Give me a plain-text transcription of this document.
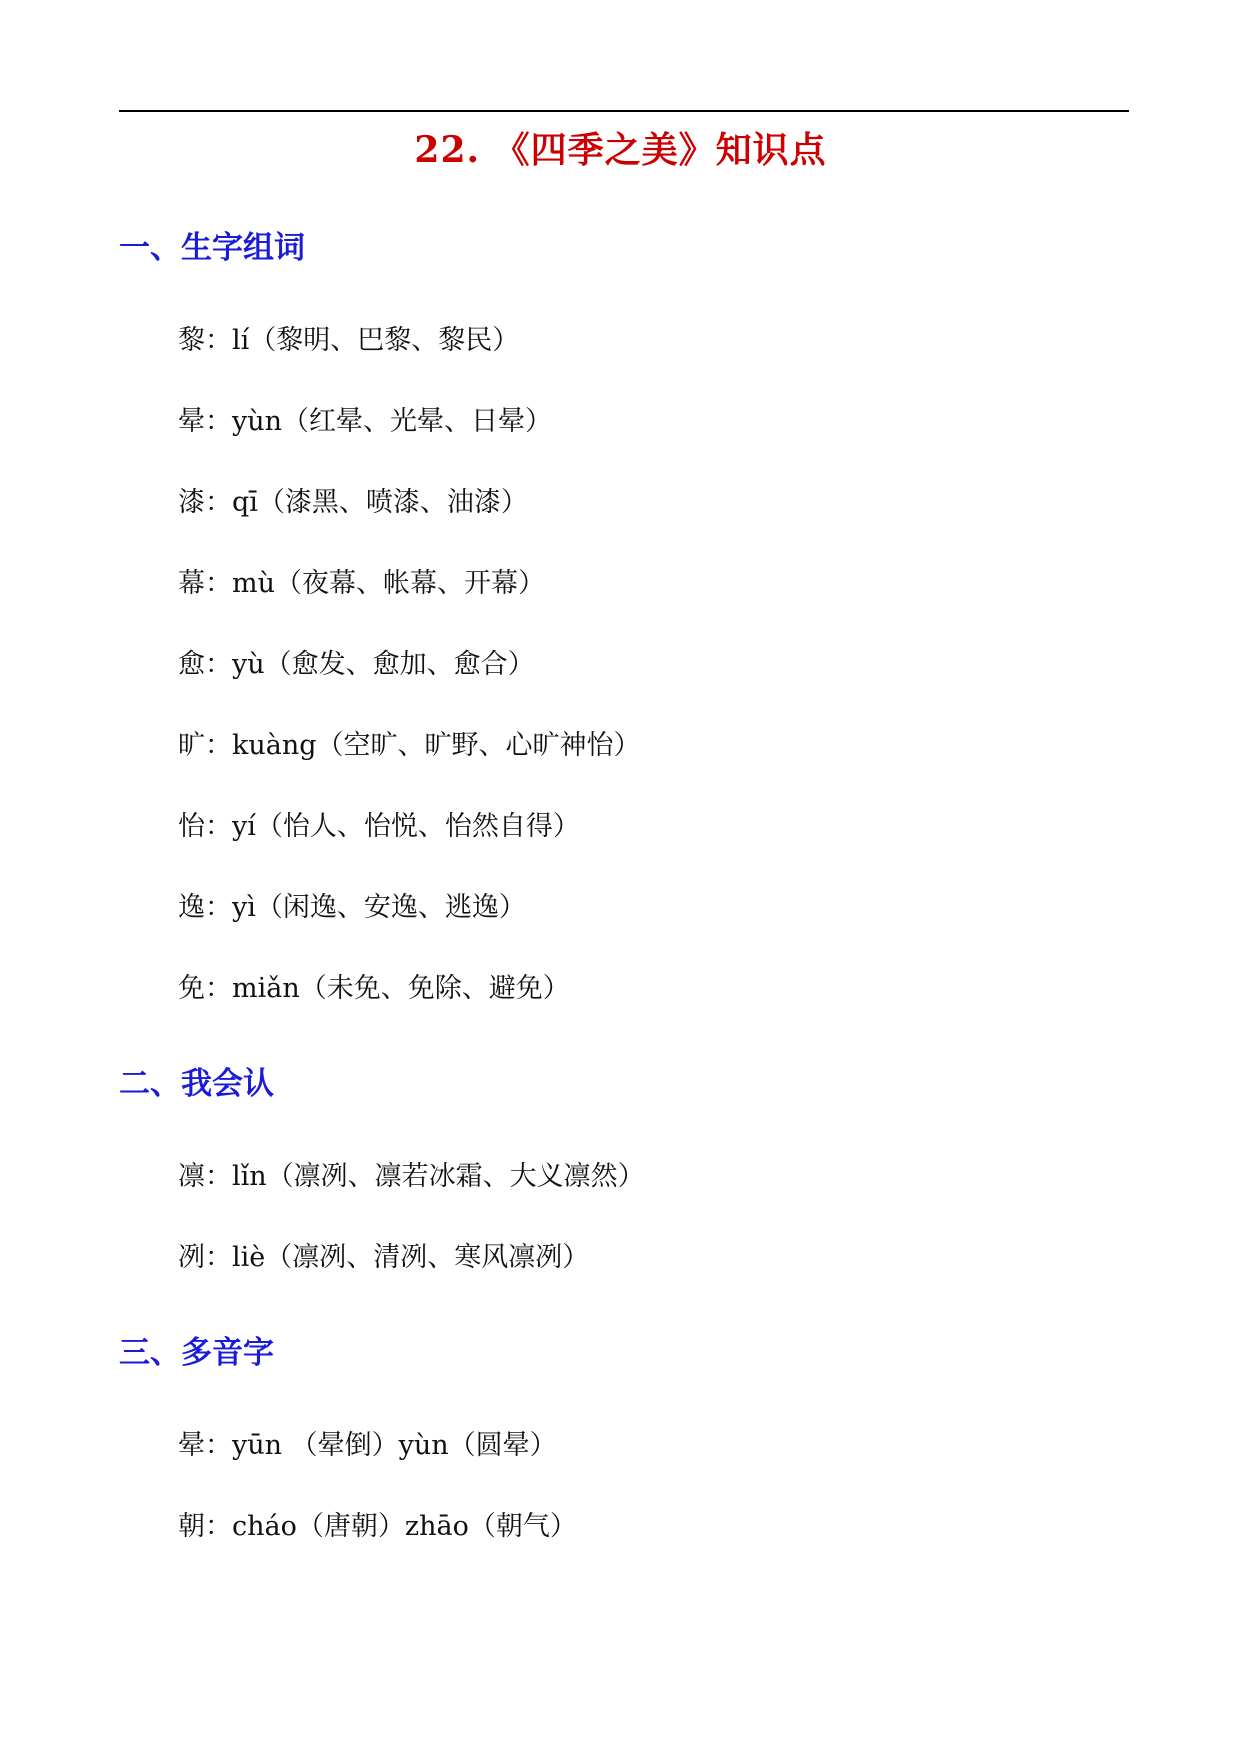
22. 《四季之美》知识点
一、生字组词
黎：lí（黎明、巴黎、黎民）
晕：yùn（红晕、光晕、日晕）
漆：qī（漆黑、喷漆、油漆）
幕：mù（夜幕、帐幕、开幕）
愈：yù（愈发、愈加、愈合）
旷：kuàng（空旷、旷野、心旷神怡）
怡：yí（怡人、怡悦、怡然自得）
逸：yì（闲逸、安逸、逃逸）
免：miǎn（未免、免除、避免）
二、我会认
凛：lǐn（凛冽、凛若冰霜、大义凛然）
冽：liè（凛冽、清冽、寒风凛冽）
三、多音字
晕：yūn （晕倒）yùn（圆晕）
朝：cháo（唐朝）zhāo（朝气）
